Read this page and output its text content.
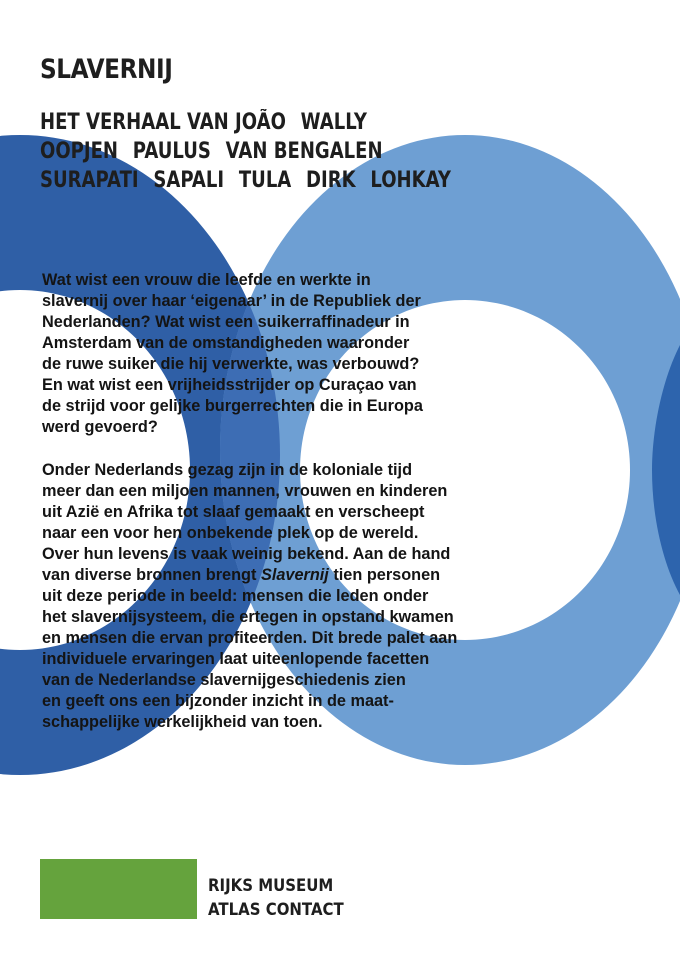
SLAVERNIJ
HET VERHAAL VAN JOÃO WALLY
OOPJEN PAULUS VAN BENGALEN
SURAPATI SAPALI TULA DIRK LOHKAY

Wat wist een vrouw die leefde en werkte in
slavernij over haar ‘eigenaar’ in de Republiek der
Nederlanden? Wat wist een suikerraffinadeur in
Amsterdam van de omstandigheden waaronder
de ruwe suiker die hij verwerkte, was verbouwd?
En wat wist een vrijheidsstrijder op Curaçao van
de strijd voor gelijke burgerrechten die in Europa
werd gevoerd?

Onder Nederlands gezag zijn in de koloniale tijd
meer dan een miljoen mannen, vrouwen en kinderen
uit Azië en Afrika tot slaaf gemaakt en verscheept
naar een voor hen onbekende plek op de wereld.
Over hun levens is vaak weinig bekend. Aan de hand
van diverse bronnen brengt Slavernij tien personen
uit deze periode in beeld: mensen die leden onder
het slavernijsysteem, die ertegen in opstand kwamen
en mensen die ervan profiteerden. Dit brede palet aan
individuele ervaringen laat uiteenlopende facetten
van de Nederlandse slavernijgeschiedenis zien
en geeft ons een bijzonder inzicht in de maat-
schappelijke werkelijkheid van toen.

RIJKS MUSEUM
ATLAS CONTACT
